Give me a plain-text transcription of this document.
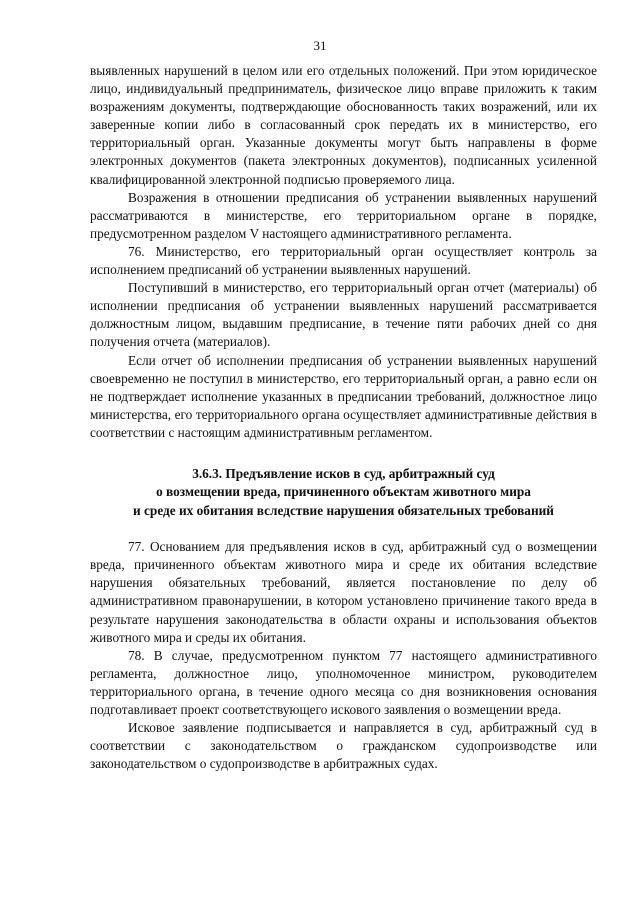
31

выявленных нарушений в целом или его отдельных положений. При этом юридическое лицо, индивидуальный предприниматель, физическое лицо вправе приложить к таким возражениям документы, подтверждающие обоснованность таких возражений, или их заверенные копии либо в согласованный срок передать их в министерство, его территориальный орган. Указанные документы могут быть направлены в форме электронных документов (пакета электронных документов), подписанных усиленной квалифицированной электронной подписью проверяемого лица.

Возражения в отношении предписания об устранении выявленных нарушений рассматриваются в министерстве, его территориальном органе в порядке, предусмотренном разделом V настоящего административного регламента.

76. Министерство, его территориальный орган осуществляет контроль за исполнением предписаний об устранении выявленных нарушений.

Поступивший в министерство, его территориальный орган отчет (материалы) об исполнении предписания об устранении выявленных нарушений рассматривается должностным лицом, выдавшим предписание, в течение пяти рабочих дней со дня получения отчета (материалов).

Если отчет об исполнении предписания об устранении выявленных нарушений своевременно не поступил в министерство, его территориальный орган, а равно если он не подтверждает исполнение указанных в предписании требований, должностное лицо министерства, его территориального органа осуществляет административные действия в соответствии с настоящим административным регламентом.

3.6.3. Предъявление исков в суд, арбитражный суд
о возмещении вреда, причиненного объектам животного мира
и среде их обитания вследствие нарушения обязательных требований

77. Основанием для предъявления исков в суд, арбитражный суд о возмещении вреда, причиненного объектам животного мира и среде их обитания вследствие нарушения обязательных требований, является постановление по делу об административном правонарушении, в котором установлено причинение такого вреда в результате нарушения законодательства в области охраны и использования объектов животного мира и среды их обитания.

78. В случае, предусмотренном пунктом 77 настоящего административного регламента, должностное лицо, уполномоченное министром, руководителем территориального органа, в течение одного месяца со дня возникновения основания подготавливает проект соответствующего искового заявления о возмещении вреда.

Исковое заявление подписывается и направляется в суд, арбитражный суд в соответствии с законодательством о гражданском судопроизводстве или законодательством о судопроизводстве в арбитражных судах.
